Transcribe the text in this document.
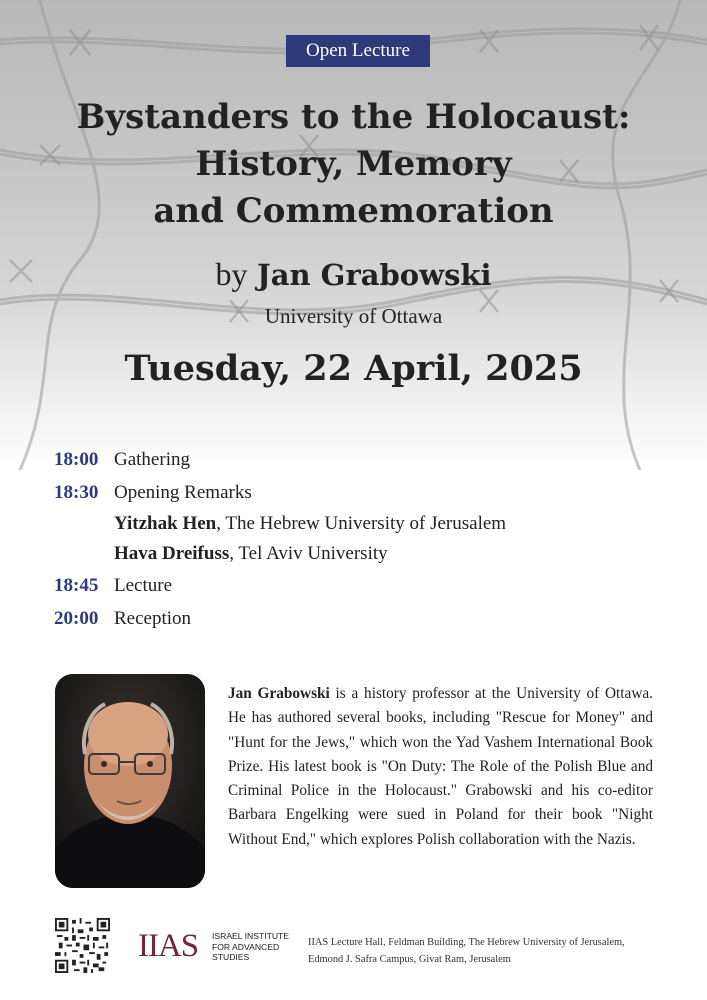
Open Lecture
Bystanders to the Holocaust:
History, Memory
and Commemoration
by Jan Grabowski
University of Ottawa
Tuesday, 22 April, 2025
18:00 Gathering
18:30 Opening Remarks
Yitzhak Hen , The Hebrew University of Jerusalem
Hava Dreifuss , Tel Aviv University
18:45 Lecture
20:00 Reception
Jan Grabowski is a history professor at the University of Ottawa. He has authored several books, including "Rescue for Money" and "Hunt for the Jews," which won the Yad Vashem International Book Prize. His latest book is "On Duty: The Role of the Polish Blue and Criminal Police in the Holocaust." Grabowski and his co-editor Barbara Engelking were sued in Poland for their book "Night Without End," which explores Polish collaboration with the Nazis.
IIAS ISRAEL INSTITUTE
FOR ADVANCED
STUDIES
IIAS Lecture Hall, Feldman Building, The Hebrew University of Jerusalem,
Edmond J. Safra Campus, Givat Ram, Jerusalem
